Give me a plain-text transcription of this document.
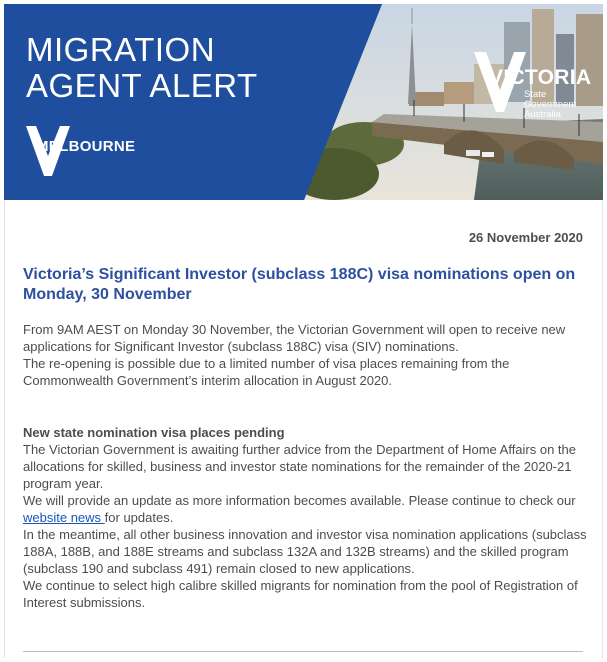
MIGRATION
AGENT ALERT
MELBOURNE
VICTORIA
State
Government
Australia
26 November 2020
Victoria’s Significant Investor (subclass 188C) visa nominations open on Monday, 30 November

From 9AM AEST on Monday 30 November, the Victorian Government will open to receive new applications for Significant Investor (subclass 188C) visa (SIV) nominations.

The re-opening is possible due to a limited number of visa places remaining from the Commonwealth Government’s interim allocation in August 2020.

New state nomination visa places pending

The Victorian Government is awaiting further advice from the Department of Home Affairs on the allocations for skilled, business and investor state nominations for the remainder of the 2020-21 program year.

We will provide an update as more information becomes available. Please continue to check our website news for updates.

In the meantime, all other business innovation and investor visa nomination applications (subclass 188A, 188B, and 188E streams and subclass 132A and 132B streams) and the skilled program (subclass 190 and subclass 491) remain closed to new applications.

We continue to select high calibre skilled migrants for nomination from the pool of Registration of Interest submissions.
